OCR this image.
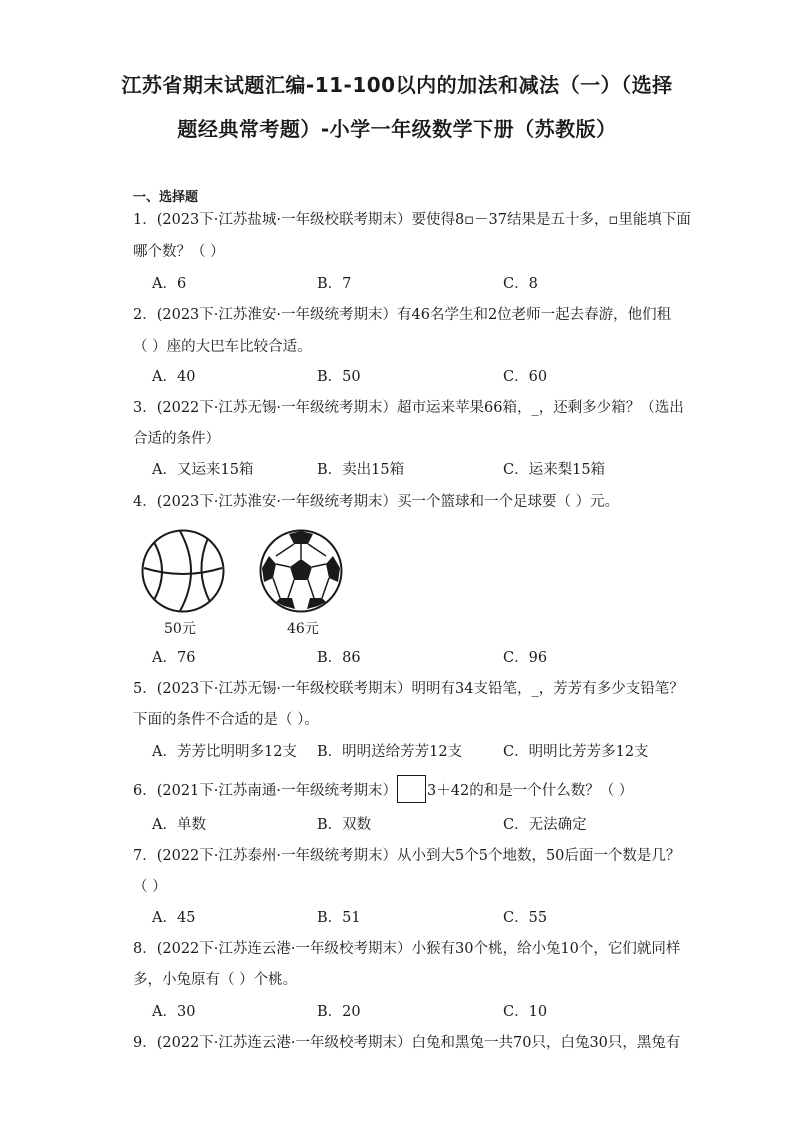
江苏省期末试题汇编-11-100以内的加法和减法（一）（选择
题经典常考题）-小学一年级数学下册（苏教版）
一、选择题
1．(2023下·江苏盐城·一年级校联考期末）要使得8▫－37结果是五十多，▫里能填下面
哪个数？（ ）
A．6	B．7	C．8
2．(2023下·江苏淮安·一年级统考期末）有46名学生和2位老师一起去春游，他们租
（ ）座的大巴车比较合适。
A．40	B．50	C．60
3．(2022下·江苏无锡·一年级统考期末）超市运来苹果66箱，_，还剩多少箱？（选出
合适的条件）
A．又运来15箱	B．卖出15箱	C．运来梨15箱
4．(2023下·江苏淮安·一年级统考期末）买一个篮球和一个足球要（ ）元。
50元	46元
A．76	B．86	C．96
5．(2023下·江苏无锡·一年级校联考期末）明明有34支铅笔，_，芳芳有多少支铅笔？
下面的条件不合适的是（ ）。
A．芳芳比明明多12支 B．明明送给芳芳12支	C．明明比芳芳多12支
6．(2021下·江苏南通·一年级统考期末） 3＋42的和是一个什么数？（ ）
A．单数	B．双数	C．无法确定
7．(2022下·江苏泰州·一年级统考期末）从小到大5个5个地数，50后面一个数是几？
（ ）
A．45	B．51	C．55
8．(2022下·江苏连云港·一年级校考期末）小猴有30个桃，给小兔10个，它们就同样
多，小兔原有（ ）个桃。
A．30	B．20	C．10
9．(2022下·江苏连云港·一年级校考期末）白兔和黑兔一共70只，白兔30只，黑兔有
